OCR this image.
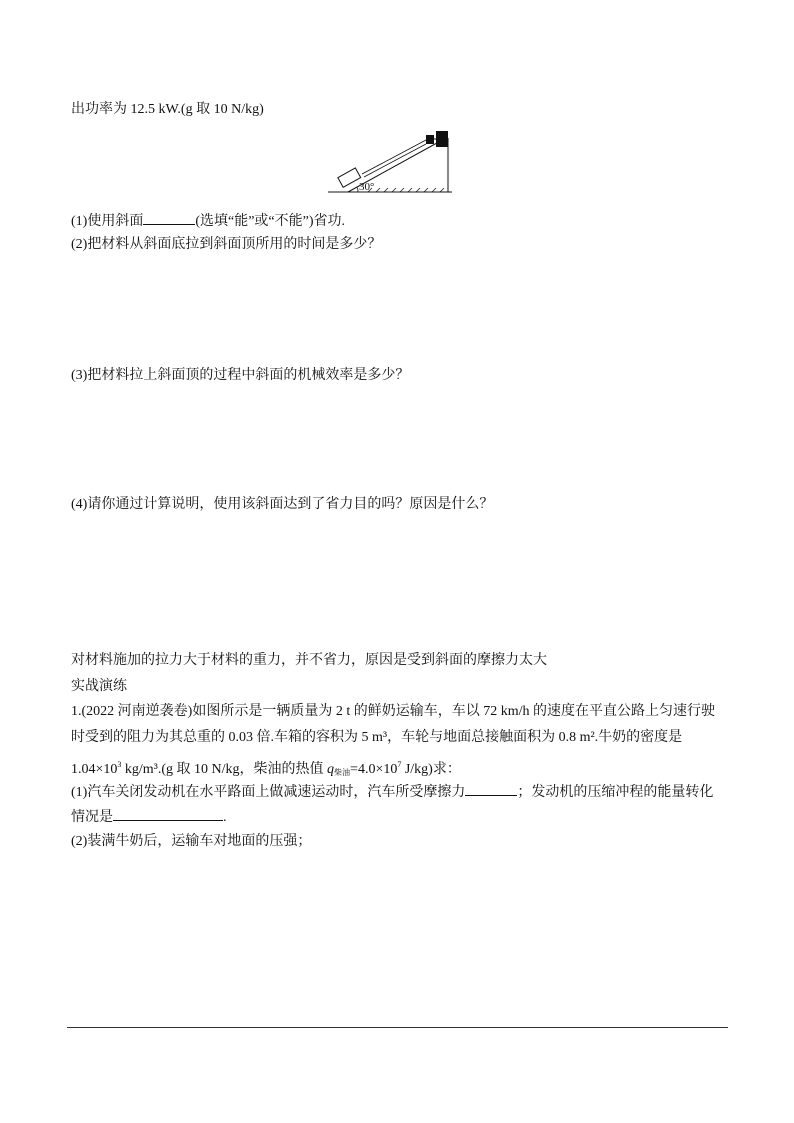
出功率为 12.5 kW.(g 取 10 N/kg)
30°
(1)使用斜面	(选填“能”或“不能”)省功.
(2)把材料从斜面底拉到斜面顶所用的时间是多少？
(3)把材料拉上斜面顶的过程中斜面的机械效率是多少？
(4)请你通过计算说明，使用该斜面达到了省力目的吗？原因是什么？
对材料施加的拉力大于材料的重力，并不省力，原因是受到斜面的摩擦力太大
实战演练
1.(2022 河南逆袭卷)如图所示是一辆质量为 2 t 的鲜奶运输车，车以 72 km/h 的速度在平直公路上匀速行驶
时受到的阻力为其总重的 0.03 倍.车箱的容积为 5 m³，车轮与地面总接触面积为 0.8 m².牛奶的密度是
$1.04\times 10^3$ kg/m³.(g 取 10 N/kg，柴油的热值 $q_{柴油}=4.0\times 10^7$ J/kg)求：
(1)汽车关闭发动机在水平路面上做减速运动时，汽车所受摩擦力	；发动机的压缩冲程的能量转化
情况是	.
(2)装满牛奶后，运输车对地面的压强；
